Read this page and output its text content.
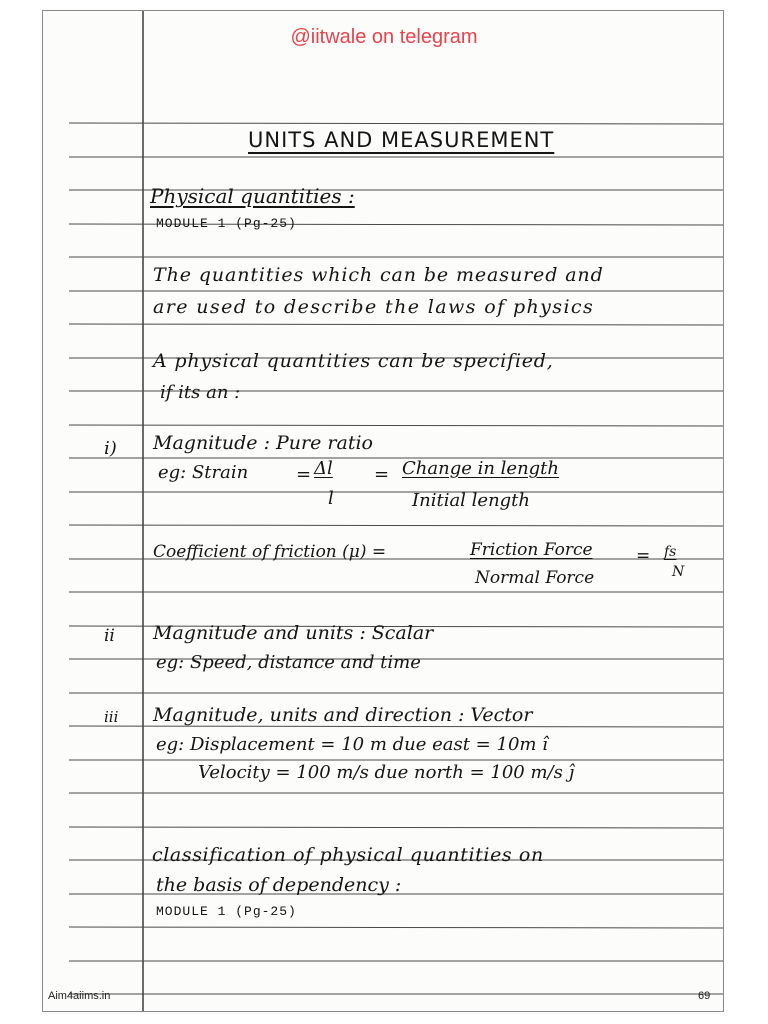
@iitwale on telegram
UNITS AND MEASUREMENT
Physical quantities :
MODULE 1 (Pg-25)
The quantities which can be measured and
are used to describe the laws of physics
A physical quantities can be specified,
if its an :
i) Magnitude : Pure ratio
eg: Strain	= Δl
l
= Change in length
Initial length
Coefficient of friction (μ) =	Friction Force
Normal Force
= fs
N
ii Magnitude and units : Scalar
eg: Speed, distance and time
iii Magnitude, units and direction : Vector
eg: Displacement = 10 m due east = 10m î
Velocity = 100 m/s due north = 100 m/s ĵ
classification of physical quantities on
the basis of dependency :
MODULE 1 (Pg-25)
Aim4aiims.in	69
